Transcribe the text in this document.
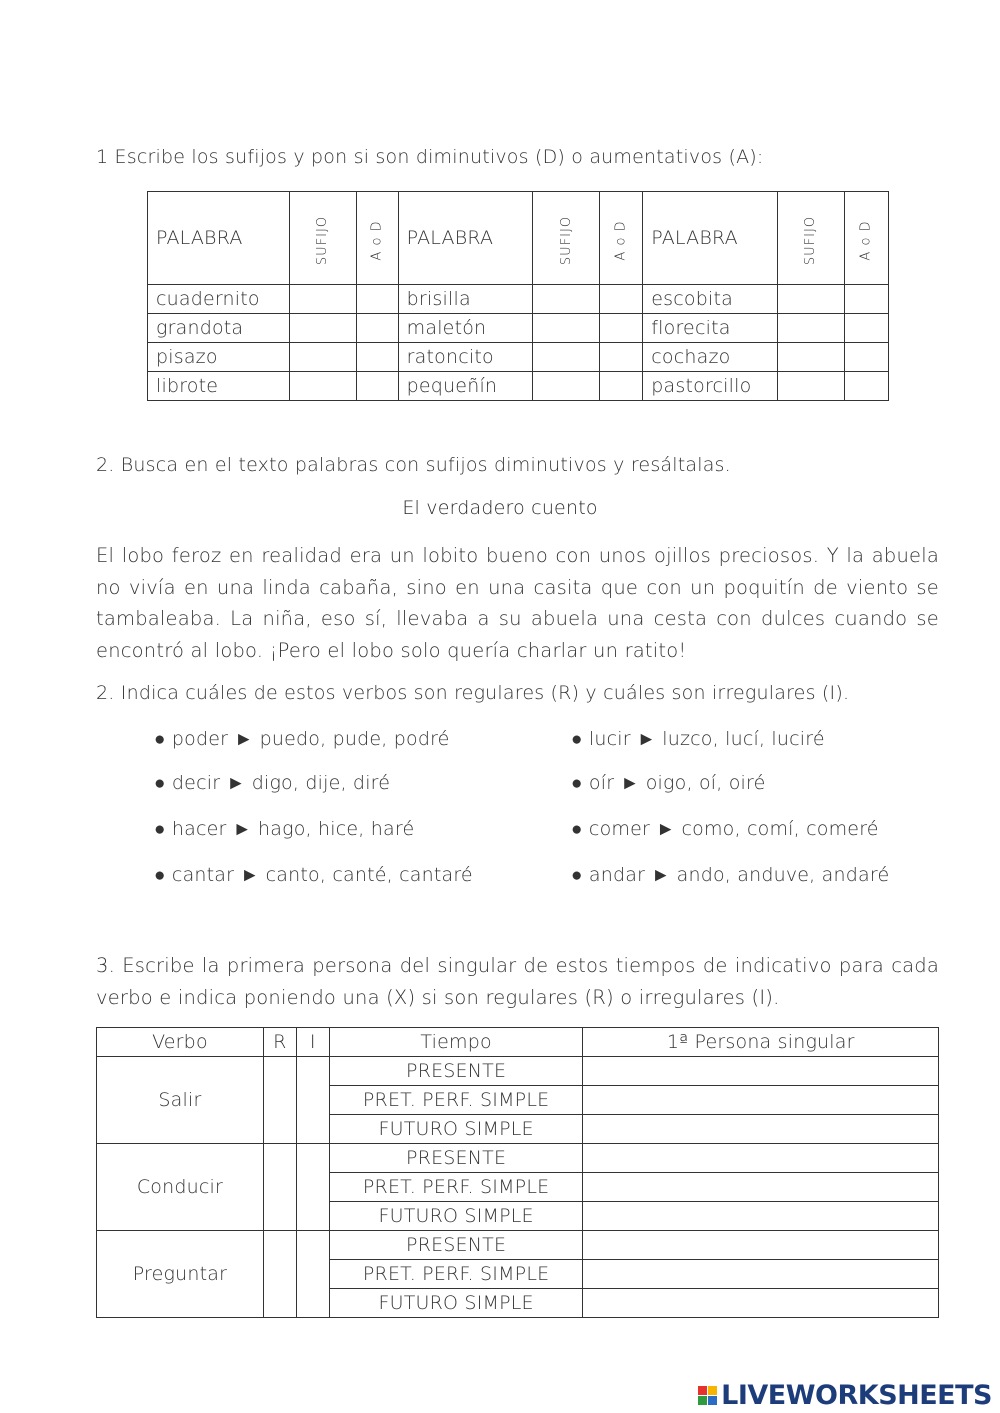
1 Escribe los sufijos y pon si son diminutivos (D) o aumentativos (A):
PALABRA	SUFIJO	A o D	PALABRA	SUFIJO	A o D	PALABRA	SUFIJO	A o D
cuadernito			brisilla			escobita		
grandota			maletón			florecita		
pisazo			ratoncito			cochazo		
librote			pequeñín			pastorcillo		
2. Busca en el texto palabras con sufijos diminutivos y resáltalas.
El verdadero cuento
El lobo feroz en realidad era un lobito bueno con unos ojillos preciosos. Y la abuela no vivía en una linda cabaña, sino en una casita que con un poquitín de viento se tambaleaba. La niña, eso sí, llevaba a su abuela una cesta con dulces cuando se encontró al lobo. ¡Pero el lobo solo quería charlar un ratito!
2. Indica cuáles de estos verbos son regulares (R) y cuáles son irregulares (I).
● poder ► puedo, pude, podré
● decir ► digo, dije, diré
● hacer ► hago, hice, haré
● cantar ► canto, canté, cantaré
● lucir ► luzco, lucí, luciré
● oír ► oigo, oí, oiré
● comer ► como, comí, comeré
● andar ► ando, anduve, andaré
3. Escribe la primera persona del singular de estos tiempos de indicativo para cada verbo e indica poniendo una (X) si son regulares (R) o irregulares (I).
Verbo	R	I	Tiempo	1ª Persona singular
Salir			PRESENTE	
			PRET. PERF. SIMPLE	
			FUTURO SIMPLE	
Conducir			PRESENTE	
			PRET. PERF. SIMPLE	
			FUTURO SIMPLE	
Preguntar			PRESENTE	
			PRET. PERF. SIMPLE	
			FUTURO SIMPLE	
LIVEWORKSHEETS
